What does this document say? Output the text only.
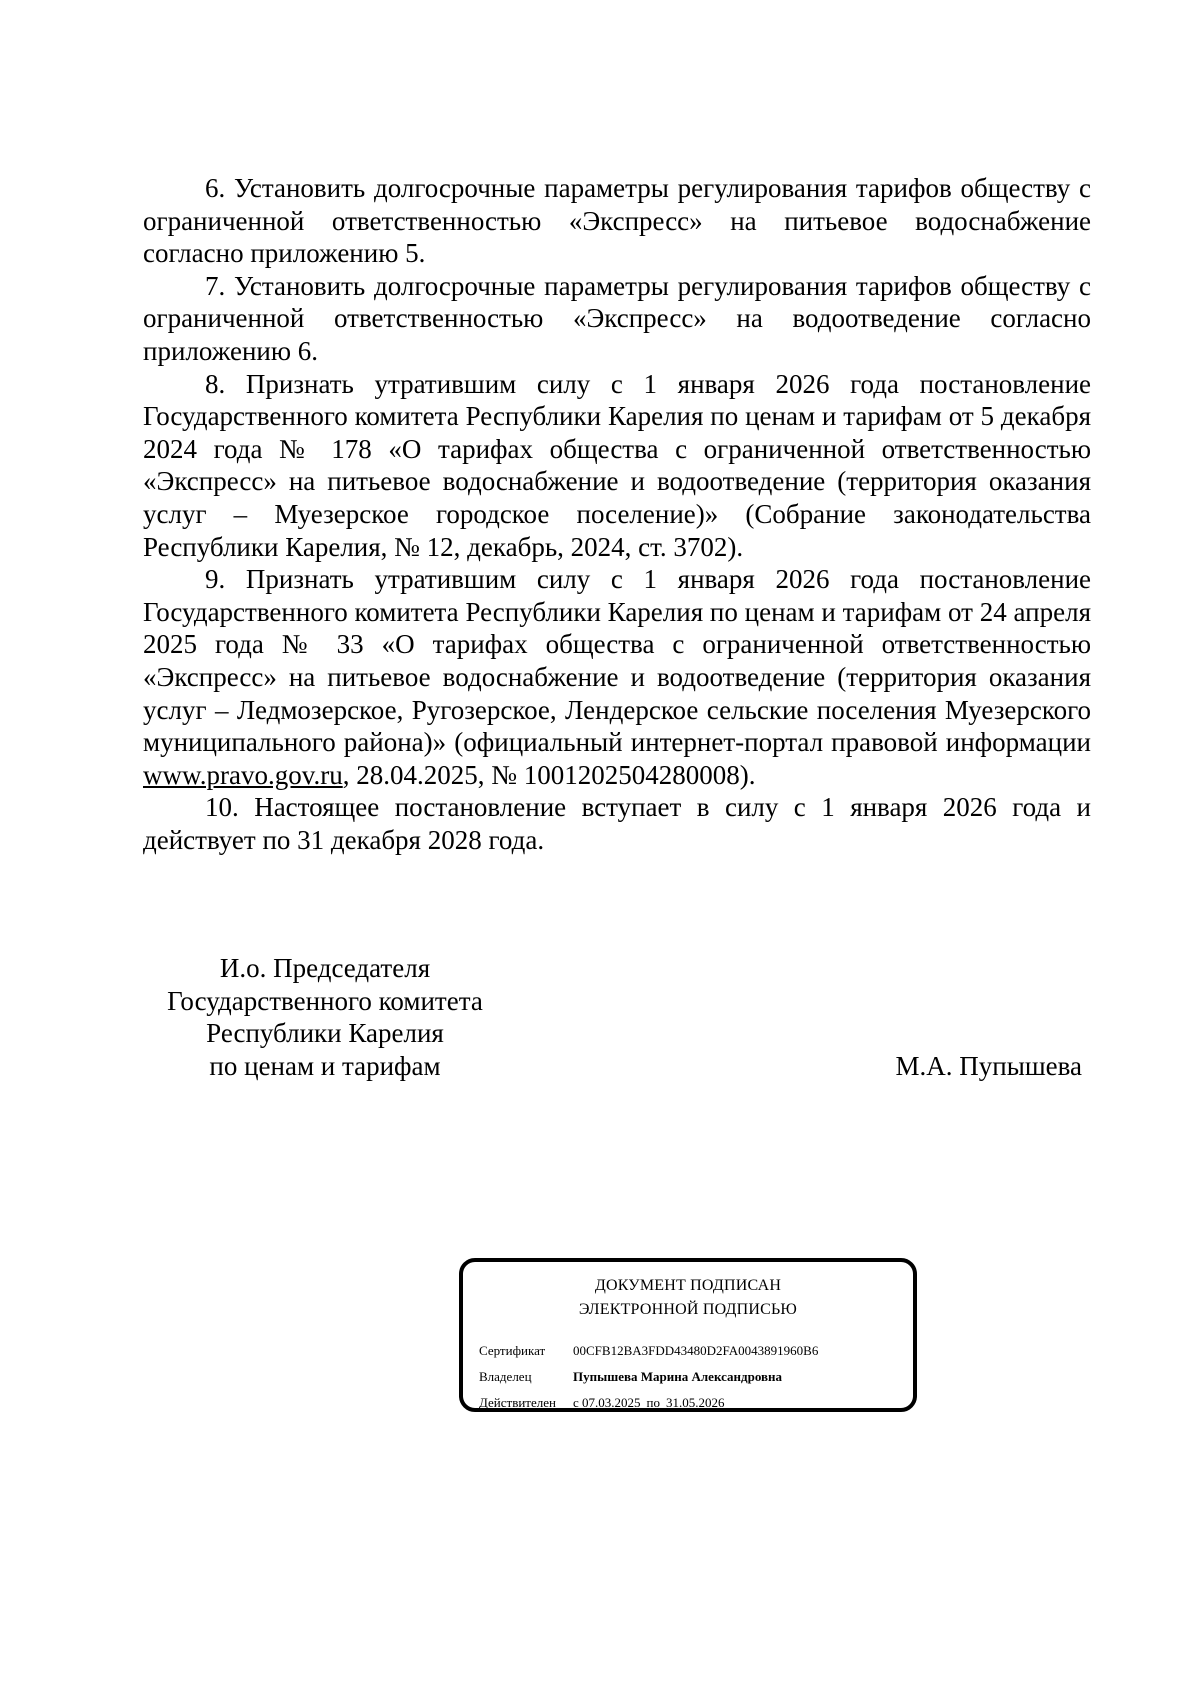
6. Установить долгосрочные параметры регулирования тарифов обществу с ограниченной ответственностью «Экспресс» на питьевое водоснабжение согласно приложению 5.

7. Установить долгосрочные параметры регулирования тарифов обществу с ограниченной ответственностью «Экспресс» на водоотведение согласно приложению 6.

8. Признать утратившим силу с 1 января 2026 года постановление Государственного комитета Республики Карелия по ценам и тарифам от 5 декабря 2024 года № 178 «О тарифах общества с ограниченной ответственностью «Экспресс» на питьевое водоснабжение и водоотведение (территория оказания услуг – Муезерское городское поселение)» (Собрание законодательства Республики Карелия, № 12, декабрь, 2024, ст. 3702).

9. Признать утратившим силу с 1 января 2026 года постановление Государственного комитета Республики Карелия по ценам и тарифам от 24 апреля 2025 года № 33 «О тарифах общества с ограниченной ответственностью «Экспресс» на питьевое водоснабжение и водоотведение (территория оказания услуг – Ледмозерское, Ругозерское, Лендерское сельские поселения Муезерского муниципального района)» (официальный интернет-портал правовой информации www.pravo.gov.ru, 28.04.2025, № 1001202504280008).

10. Настоящее постановление вступает в силу с 1 января 2026 года и действует по 31 декабря 2028 года.

И.о. Председателя
Государственного комитета
Республики Карелия
по ценам и тарифам	М.А. Пупышева
ДОКУМЕНТ ПОДПИСАН
ЭЛЕКТРОННОЙ ПОДПИСЬЮ
Сертификат 00CFB12BA3FDD43480D2FA0043891960B6
Владелец	Пупышева Марина Александровна
Действителен с 07.03.2025 по 31.05.2026
